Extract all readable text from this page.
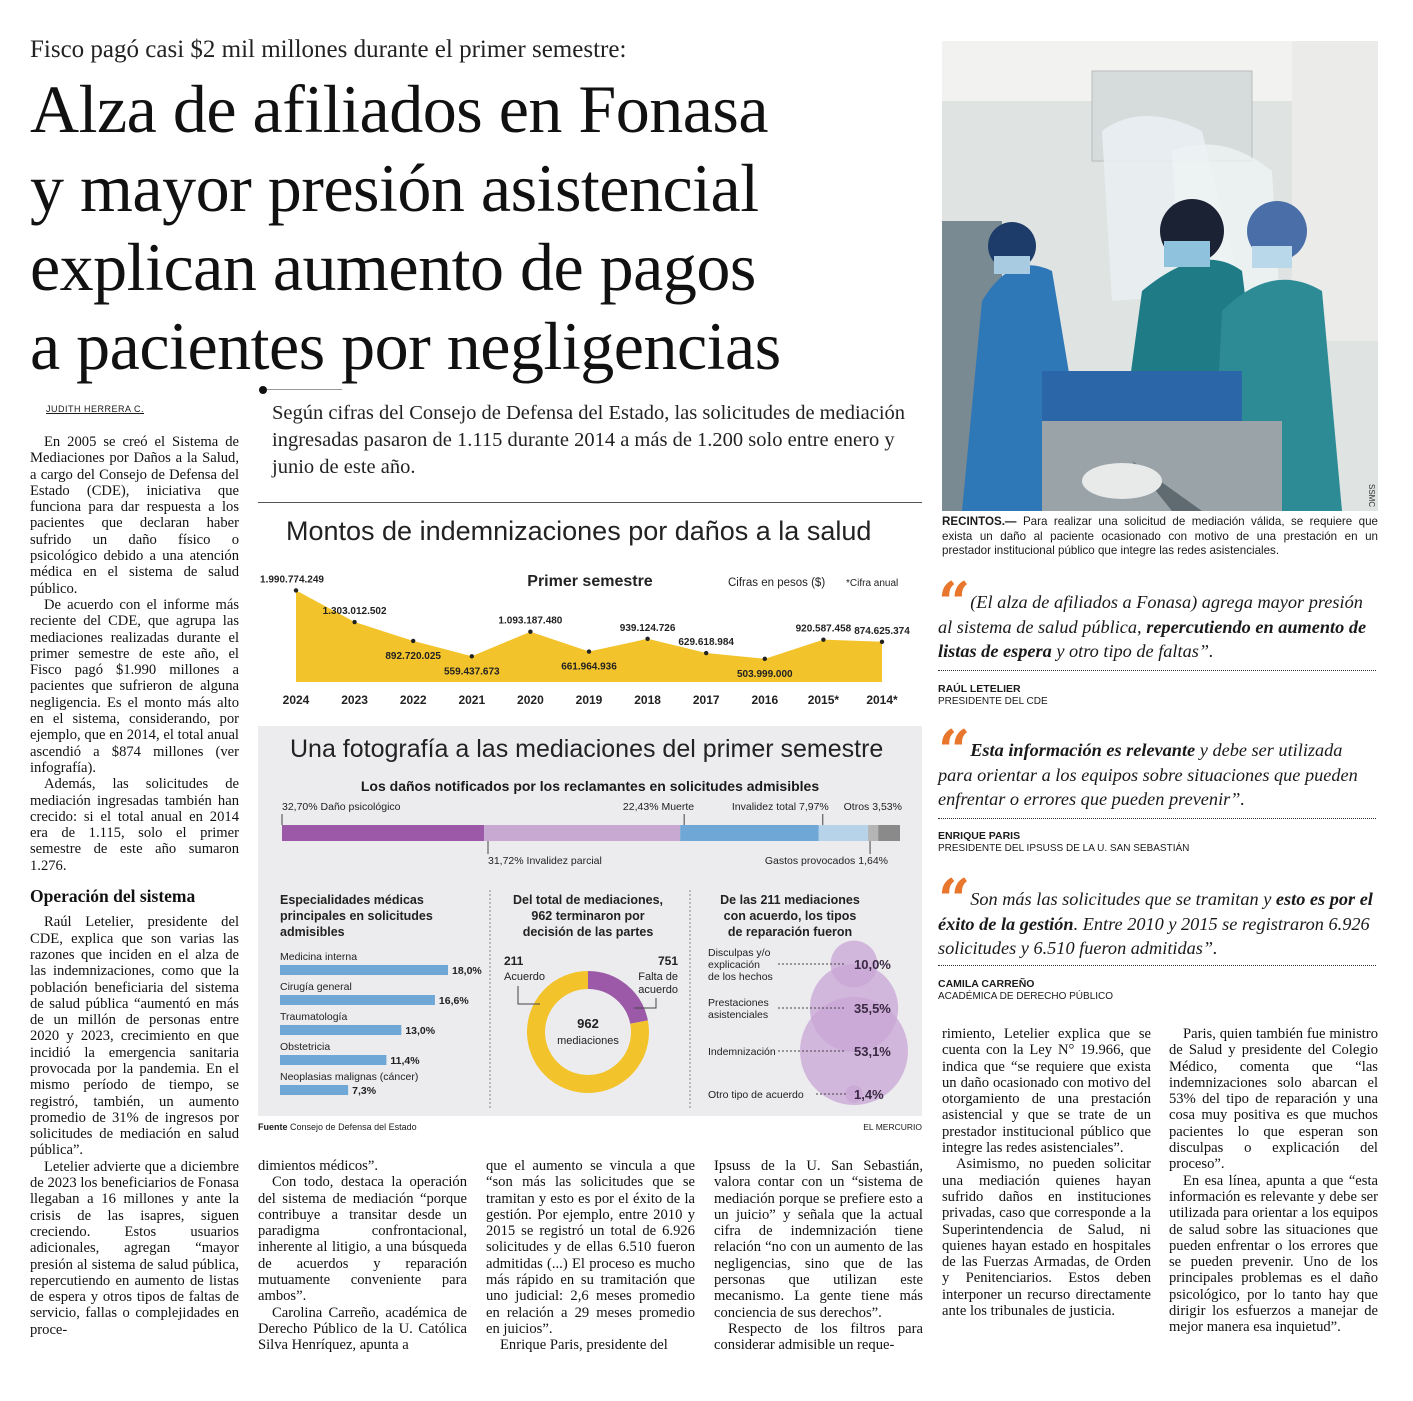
Fisco pagó casi $2 mil millones durante el primer semestre:
Alza de afiliados en Fonasa
y mayor presión asistencial
explican aumento de pagos
a pacientes por negligencias
JUDITH HERRERA C.	Según cifras del Consejo de Defensa del Estado, las solicitudes de mediación ingresadas pasaron de 1.115 durante 2014 a más de 1.200 solo entre enero y junio de este año.

En 2005 se creó el Sistema de Mediaciones por Daños a la Salud, a cargo del Consejo de Defensa del Estado (CDE), iniciativa que funciona para dar respuesta a los pacientes que declaran haber sufrido un daño físico o psicológico debido a una atención médica en el sistema de salud público.

De acuerdo con el informe más reciente del CDE, que agrupa las mediaciones realizadas durante el primer semestre de este año, el Fisco pagó $1.990 millones a pacientes que sufrieron de alguna negligencia. Es el monto más alto en el sistema, considerando, por ejemplo, que en 2014, el total anual ascendió a $874 millones (ver infografía).

Además, las solicitudes de mediación ingresadas también han crecido: si el total anual en 2014 era de 1.115, solo el primer semestre de este año sumaron 1.276.

Operación del sistema

Raúl Letelier, presidente del CDE, explica que son varias las razones que inciden en el alza de las indemnizaciones, como que la población beneficiaria del sistema de salud pública “aumentó en más de un millón de personas entre 2020 y 2023, crecimiento en que incidió la emergencia sanitaria provocada por la pandemia. En el mismo período de tiempo, se registró, también, un aumento promedio de 31% de ingresos por solicitudes de mediación en salud pública”.

Letelier advierte que a diciembre de 2023 los beneficiarios de Fonasa llegaban a 16 millones y ante la crisis de las isapres, siguen creciendo. Estos usuarios adicionales, agregan “mayor presión al sistema de salud pública, repercutiendo en aumento de listas de espera y otros tipos de faltas de servicio, fallas o complejidades en proce-

Montos de indemnizaciones por daños a la salud
Primer semestre	Cifras en pesos ($) *Cifra anual
2024
1.990.774.249
2023
1.303.012.502
2022
892.720.025
2021
559.437.673
2020
1.093.187.480
2019
661.964.936
2018
939.124.726
2017
629.618.984
2016
503.999.000
2015*
920.587.458
2014*
874.625.374
32,70% Daño psicológico	22,43% Muerte	Invalidez total 7,97% Otros 3,53%
31,72% Invalidez parcial	Gastos provocados 1,64%
Especialidades médicas
principales en solicitudes
admisibles
Medicina interna
18,0%
Cirugía general
16,6%
Traumatología
13,0%
Obstetricia
11,4%
Neoplasias malignas (cáncer)
7,3%
Del total de mediaciones,
962 terminaron por
decisión de las partes
962
mediaciones
211
Acuerdo
751
Falta de
acuerdo
De las 211 mediaciones
con acuerdo, los tipos
de reparación fueron
Disculpas y/o
explicación
de los hechos
10,0%
Prestaciones
asistenciales	35,5%
Indemnización	53,1%
Otro tipo de acuerdo	1,4%
Una fotografía a las mediaciones del primer semestre
Los daños notificados por los reclamantes en solicitudes admisibles
Fuente Consejo de Defensa del Estado	EL MERCURIO

dimientos médicos”.

Con todo, destaca la operación del sistema de mediación “porque contribuye a transitar desde un paradigma confrontacional, inherente al litigio, a una búsqueda de acuerdos y reparación mutuamente conveniente para ambos”.

Carolina Carreño, académica de Derecho Público de la U. Católica Silva Henríquez, apunta a

que el aumento se vincula a que “son más las solicitudes que se tramitan y esto es por el éxito de la gestión. Por ejemplo, entre 2010 y 2015 se registró un total de 6.926 solicitudes y de ellas 6.510 fueron admitidas (...) El proceso es mucho más rápido en su tramitación que uno judicial: 2,6 meses promedio en relación a 29 meses promedio en juicios”.

Enrique Paris, presidente del

Ipsuss de la U. San Sebastián, valora contar con un “sistema de mediación porque se prefiere esto a un juicio” y señala que la actual cifra de indemnización tiene relación “no con un aumento de las negligencias, sino que de las personas que utilizan este mecanismo. La gente tiene más conciencia de sus derechos”.

Respecto de los filtros para considerar admisible un reque-

rimiento, Letelier explica que se cuenta con la Ley N° 19.966, que indica que “se requiere que exista un daño ocasionado con motivo del otorgamiento de una prestación asistencial y que se trate de un prestador institucional público que integre las redes asistenciales”.

Asimismo, no pueden solicitar una mediación quienes hayan sufrido daños en instituciones privadas, caso que corresponde a la Superintendencia de Salud, ni quienes hayan estado en hospitales de las Fuerzas Armadas, de Orden y Penitenciarios. Estos deben interponer un recurso directamente ante los tribunales de justicia.

Paris, quien también fue ministro de Salud y presidente del Colegio Médico, comenta que “las indemnizaciones solo abarcan el 53% del tipo de reparación y una cosa muy positiva es que muchos pacientes lo que esperan son disculpas o explicación del proceso”.

En esa línea, apunta a que “esta información es relevante y debe ser utilizada para orientar a los equipos de salud sobre las situaciones que pueden enfrentar o los errores que se pueden prevenir. Uno de los principales problemas es el daño psicológico, por lo tanto hay que dirigir los esfuerzos a manejar de mejor manera esa inquietud”.

SSMC
RECINTOS.— Para realizar una solicitud de mediación válida, se requiere que exista un daño al paciente ocasionado con motivo de una prestación en un prestador institucional público que integre las redes asistenciales.
“ (El alza de afiliados a Fonasa) agrega mayor presión al sistema de salud pública, repercutiendo en aumento de listas de espera y otro tipo de faltas”.
RAÚL LETELIER
PRESIDENTE DEL CDE
“ Esta información es relevante y debe ser utilizada para orientar a los equipos sobre situaciones que pueden enfrentar o errores que pueden prevenir”.
ENRIQUE PARIS
PRESIDENTE DEL IPSUSS DE LA U. SAN SEBASTIÁN
“ Son más las solicitudes que se tramitan y esto es por el éxito de la gestión. Entre 2010 y 2015 se registraron 6.926 solicitudes y 6.510 fueron admitidas”.
CAMILA CARREÑO
ACADÉMICA DE DERECHO PÚBLICO
